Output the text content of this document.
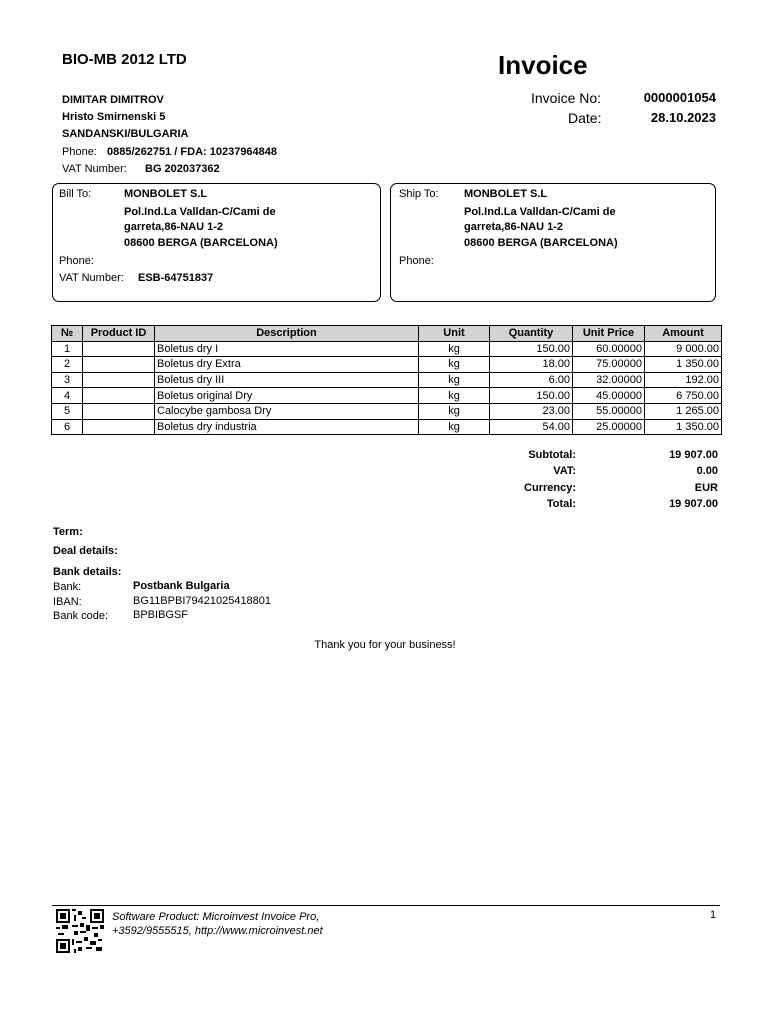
BIO-MB 2012 LTD
DIMITAR DIMITROV
Hristo Smirnenski 5
SANDANSKI/BULGARIA
Phone: 0885/262751 / FDA: 10237964848
VAT Number: BG 202037362
Invoice
Invoice No:	0000001054
Date:	28.10.2023
Bill To:	MONBOLET S.L
Pol.Ind.La Valldan-C/Cami de
garreta,86-NAU 1-2
08600 BERGA (BARCELONA)
Phone:
VAT Number: ESB-64751837
Ship To: MONBOLET S.L
Pol.Ind.La Valldan-C/Cami de
garreta,86-NAU 1-2
08600 BERGA (BARCELONA)
Phone:
№	Product ID	Description	Unit	Quantity	Unit Price	Amount
1		Boletus dry I	kg	150.00	60.00000	9 000.00
2		Boletus dry Extra	kg	18.00	75.00000	1 350.00
3		Boletus dry III	kg	6.00	32.00000	192.00
4		Boletus original Dry	kg	150.00	45.00000	6 750.00
5		Calocybe gambosa Dry	kg	23.00	55.00000	1 265.00
6		Boletus dry industria	kg	54.00	25.00000	1 350.00
Subtotal:	19 907.00
VAT:	0.00
Currency:	EUR
Total:	19 907.00
Term:
Deal details:
Bank details:
Bank:	Postbank Bulgaria
IBAN:	BG11BPBI79421025418801
Bank code: BPBIBGSF
Thank you for your business!
Software Product: Microinvest Invoice Pro,
+3592/9555515, http://www.microinvest.net
1
